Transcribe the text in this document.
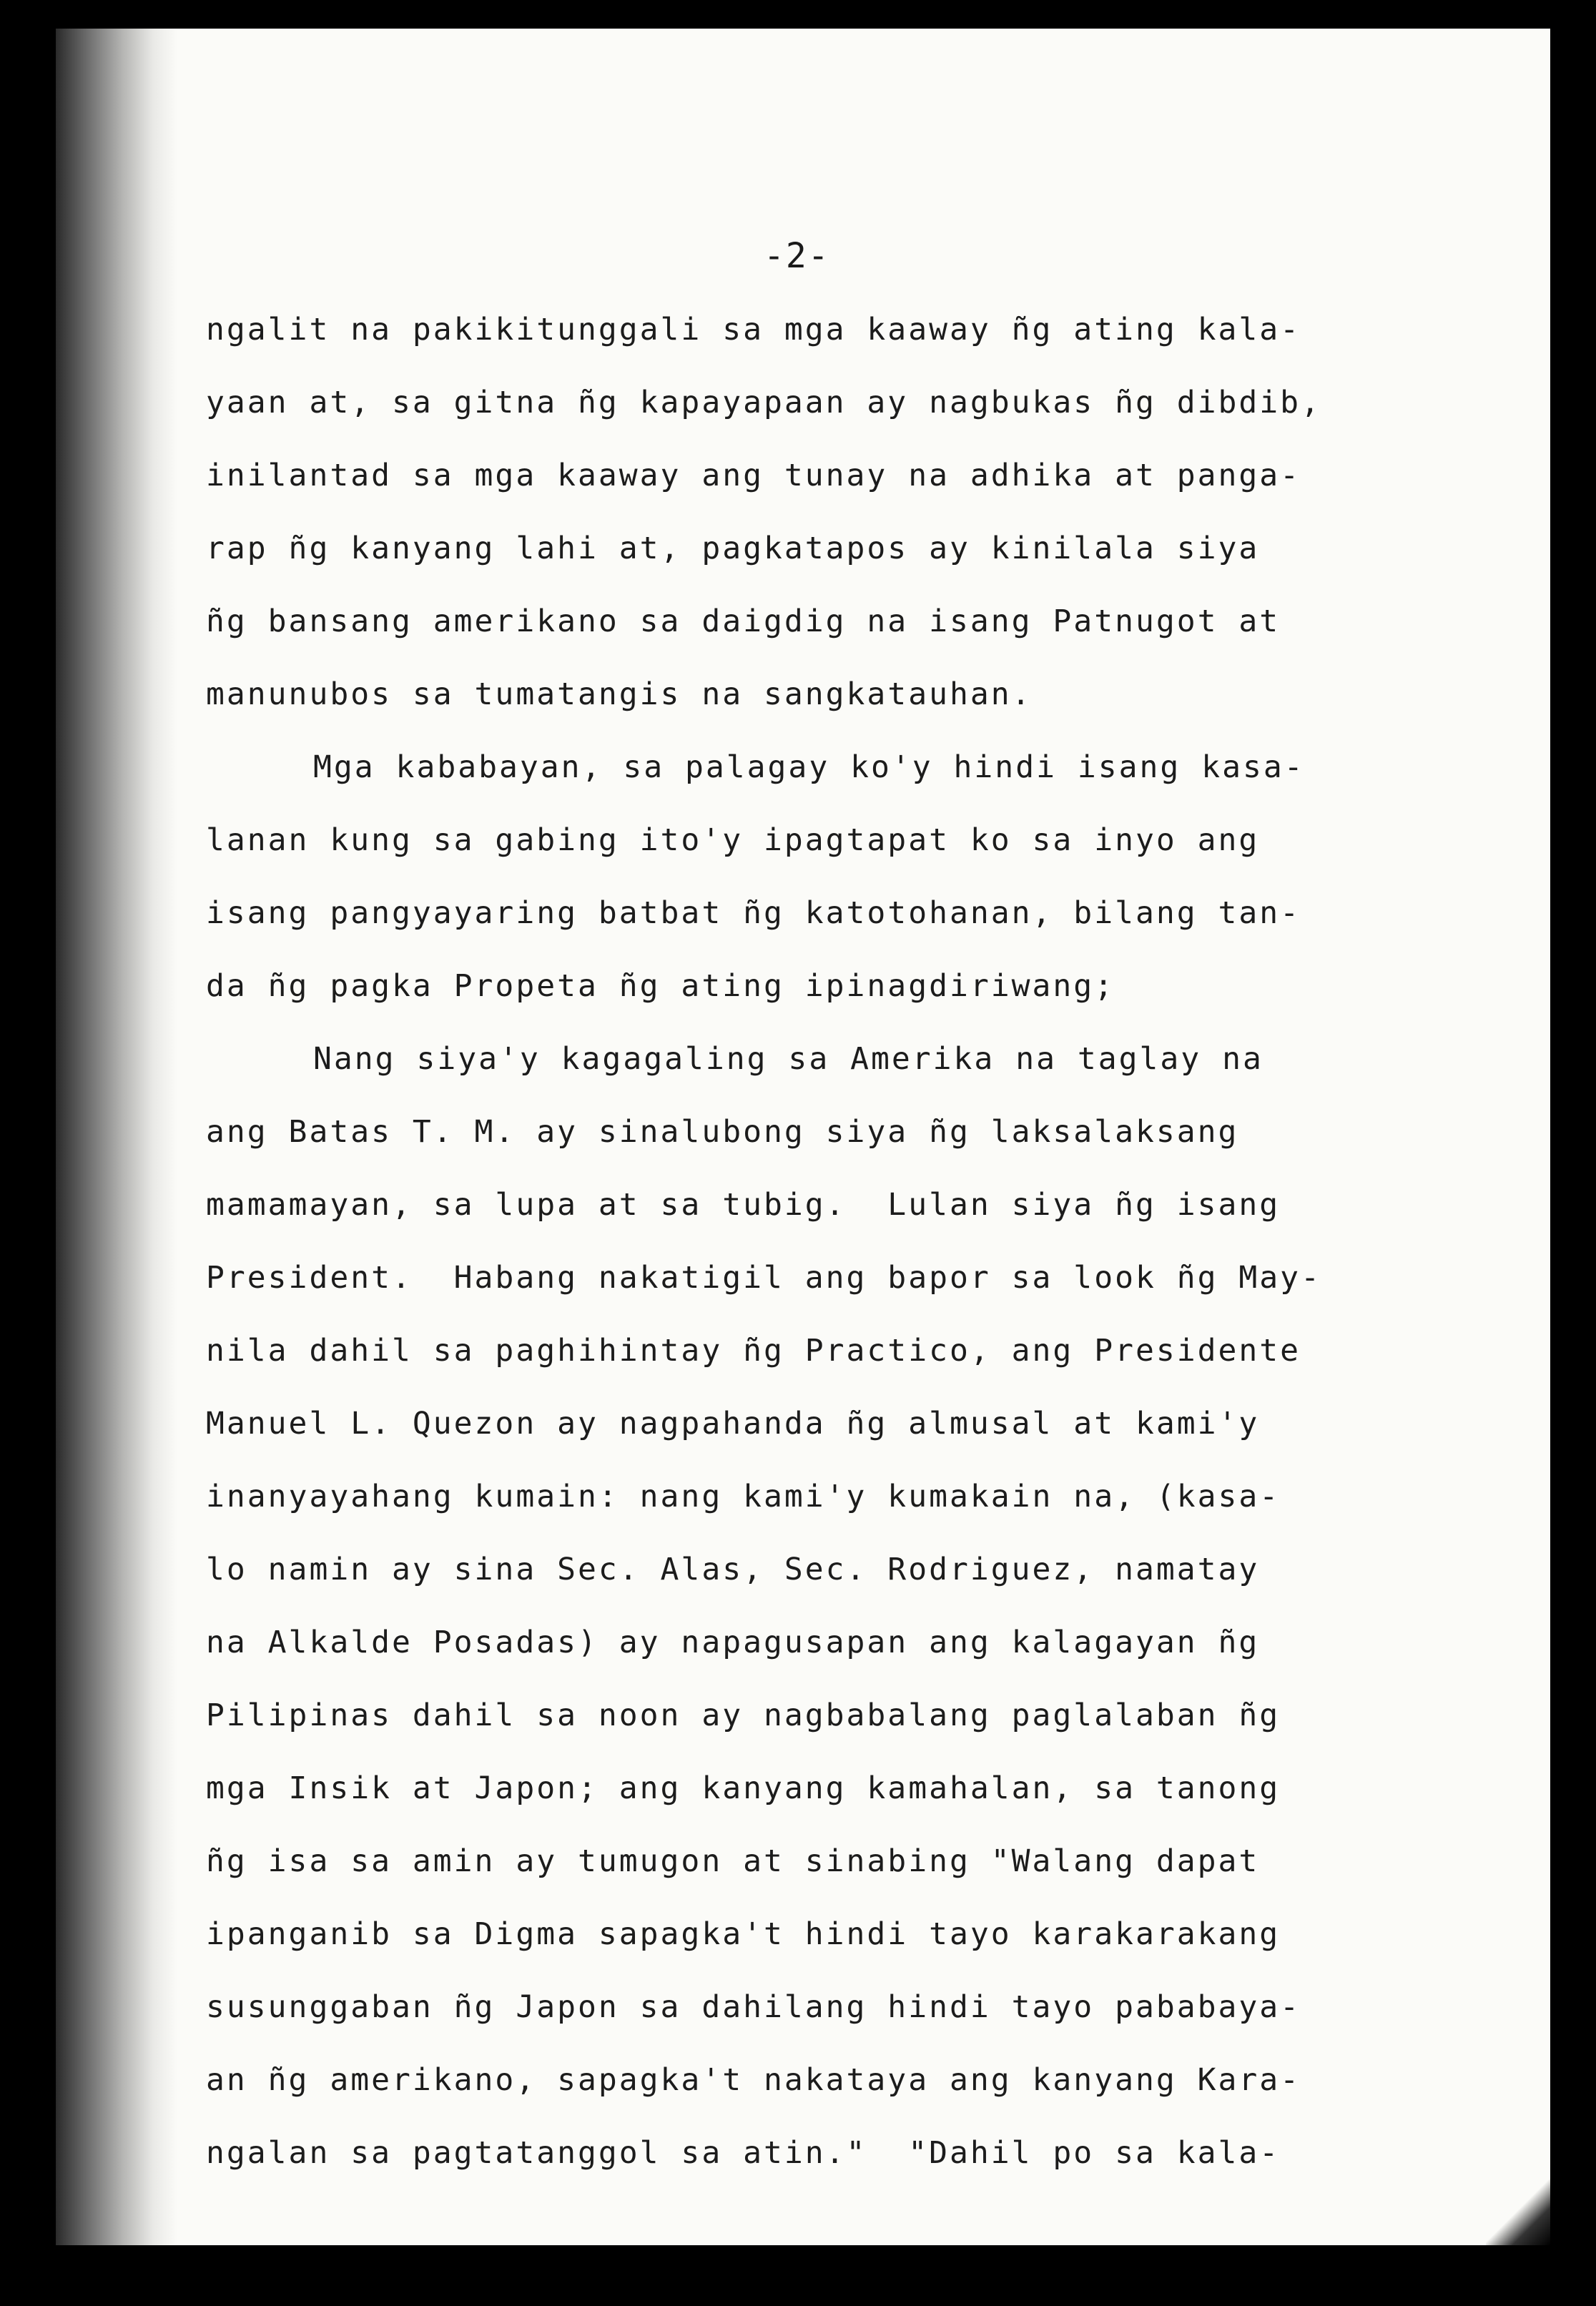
-2-
ngalit na pakikitunggali sa mga kaaway ñg ating kala-
yaan at, sa gitna ñg kapayapaan ay nagbukas ñg dibdib,
inilantad sa mga kaaway ang tunay na adhika at panga-
rap ñg kanyang lahi at, pagkatapos ay kinilala siya
ñg bansang amerikano sa daigdig na isang Patnugot at
manunubos sa tumatangis na sangkatauhan.
Mga kababayan, sa palagay ko'y hindi isang kasa-
lanan kung sa gabing ito'y ipagtapat ko sa inyo ang
isang pangyayaring batbat ñg katotohanan, bilang tan-
da ñg pagka Propeta ñg ating ipinagdiriwang;
Nang siya'y kagagaling sa Amerika na taglay na
ang Batas T. M. ay sinalubong siya ñg laksalaksang
mamamayan, sa lupa at sa tubig.  Lulan siya ñg isang
President.  Habang nakatigil ang bapor sa look ñg May-
nila dahil sa paghihintay ñg Practico, ang Presidente
Manuel L. Quezon ay nagpahanda ñg almusal at kami'y
inanyayahang kumain: nang kami'y kumakain na, (kasa-
lo namin ay sina Sec. Alas, Sec. Rodriguez, namatay
na Alkalde Posadas) ay napagusapan ang kalagayan ñg
Pilipinas dahil sa noon ay nagbabalang paglalaban ñg
mga Insik at Japon; ang kanyang kamahalan, sa tanong
ñg isa sa amin ay tumugon at sinabing "Walang dapat
ipanganib sa Digma sapagka't hindi tayo karakarakang
susunggaban ñg Japon sa dahilang hindi tayo pababaya-
an ñg amerikano, sapagka't nakataya ang kanyang Kara-
ngalan sa pagtatanggol sa atin."  "Dahil po sa kala-
